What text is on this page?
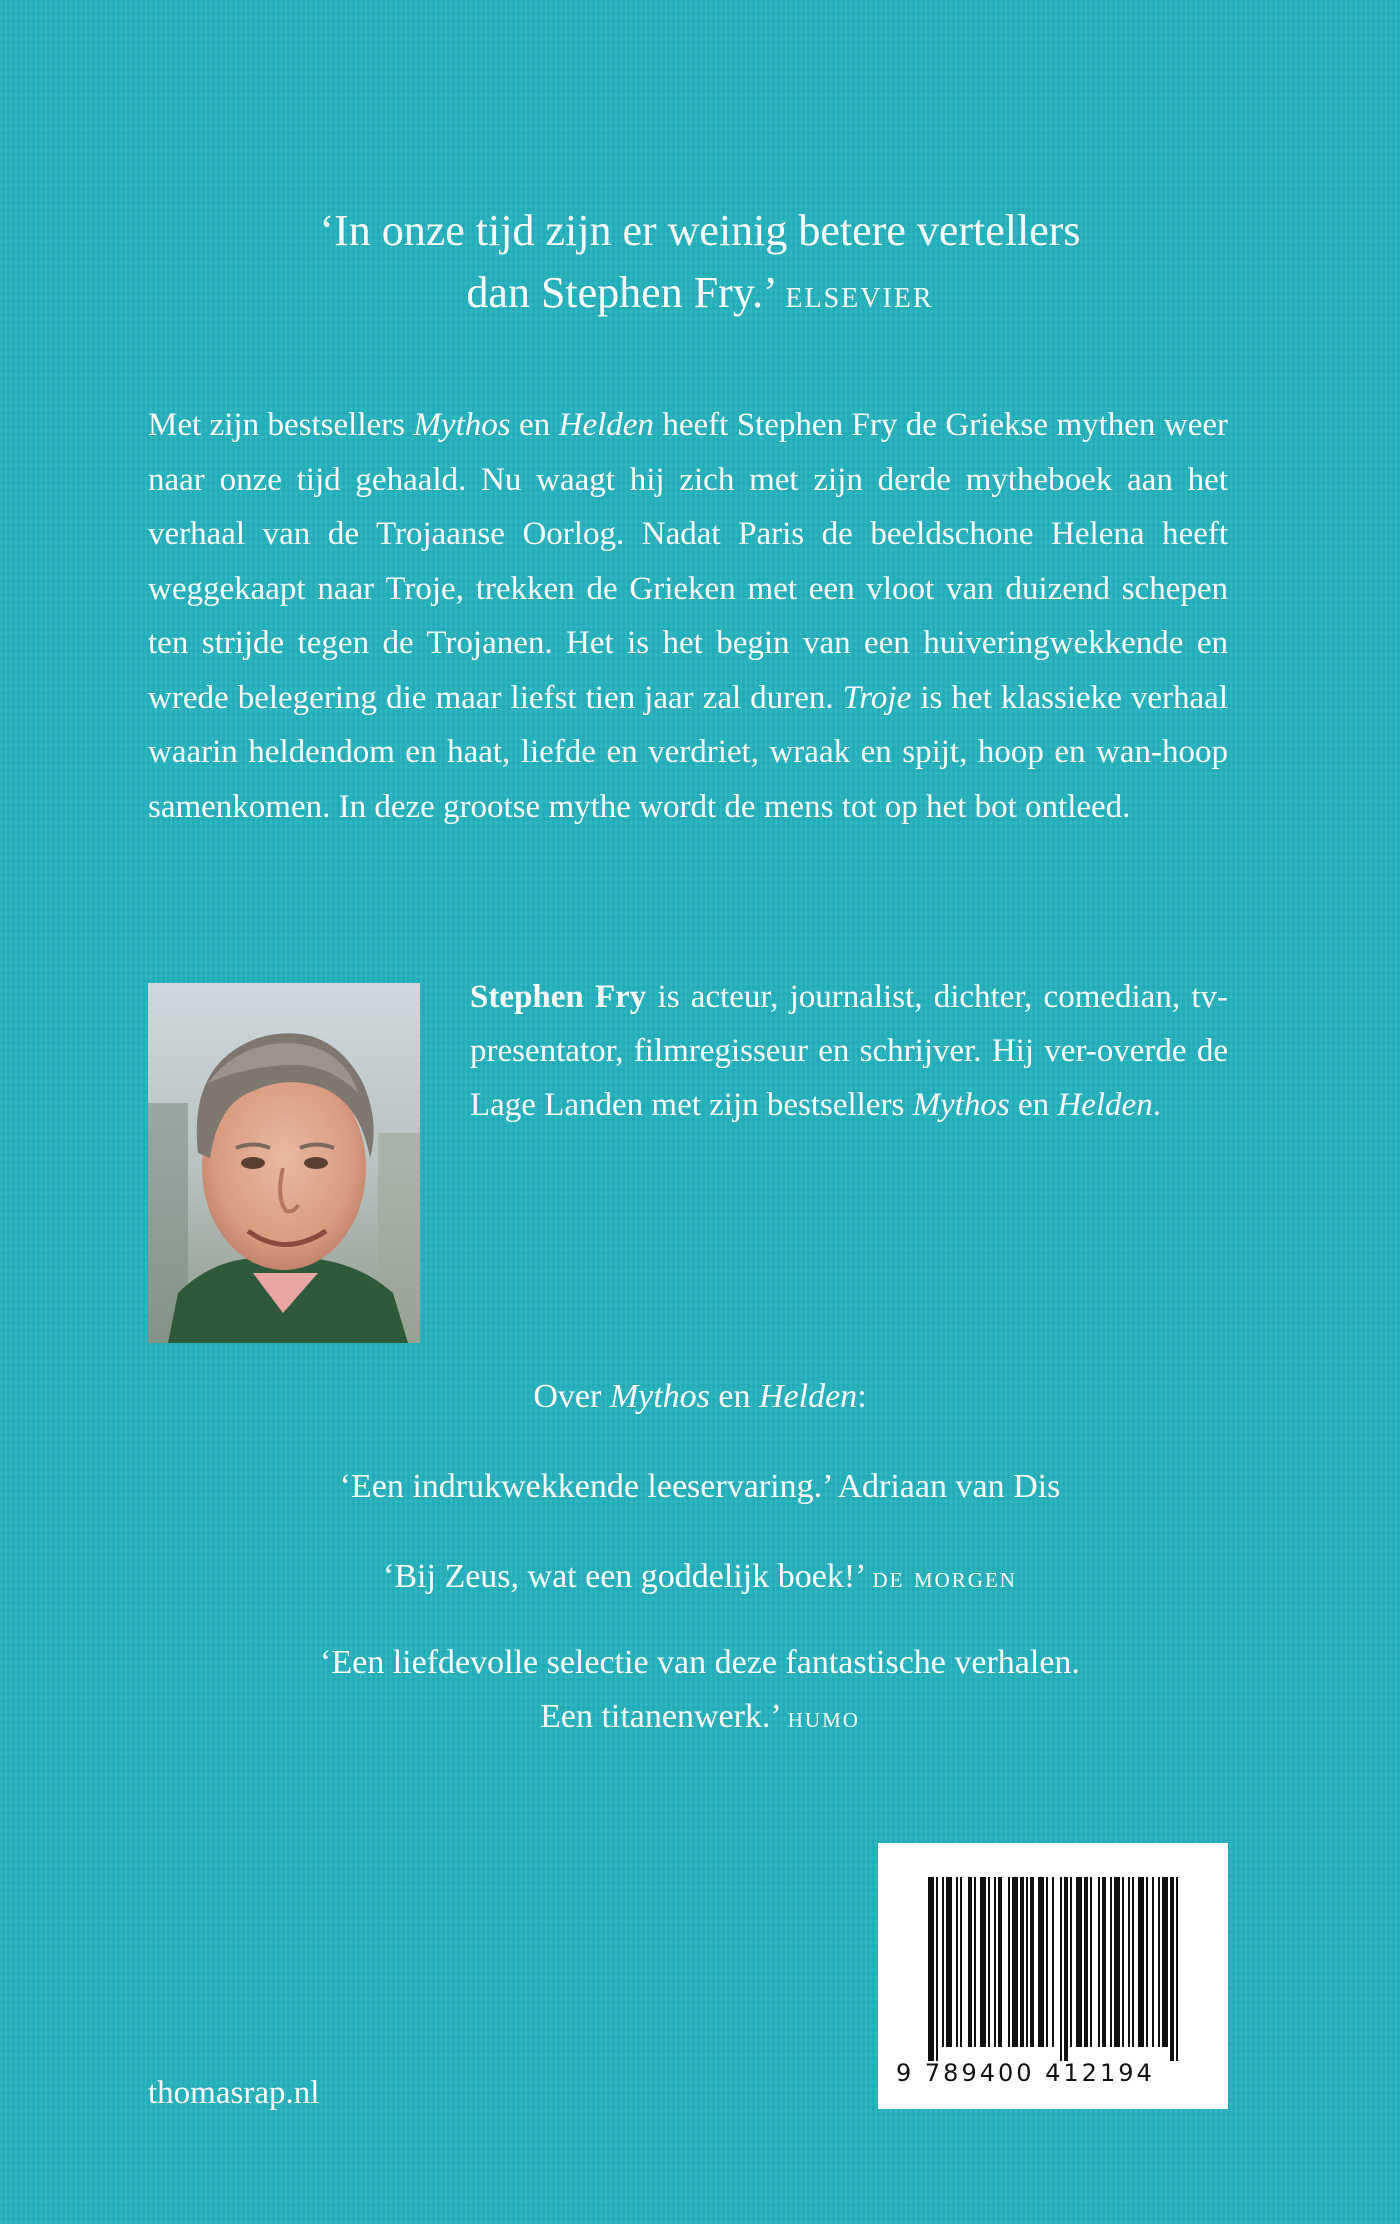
‘In onze tijd zijn er weinig betere vertellers
dan Stephen Fry.’ elsevier
Met zijn bestsellers Mythos en Helden heeft Stephen Fry de Griekse mythen weer naar onze tijd gehaald. Nu waagt hij zich met zijn derde mytheboek aan het verhaal van de Trojaanse Oorlog. Nadat Paris de beeldschone Helena heeft weggekaapt naar Troje, trekken de Grieken met een vloot van duizend schepen ten strijde tegen de Trojanen. Het is het begin van een huiveringwekkende en wrede belegering die maar liefst tien jaar zal duren. Troje is het klassieke verhaal waarin heldendom en haat, liefde en verdriet, wraak en spijt, hoop en wan-hoop samenkomen. In deze grootse mythe wordt de mens tot op het bot ontleed.
Stephen Fry is acteur, journalist, dichter, comedian, tv-presentator, filmregisseur en schrijver. Hij ver-overde de Lage Landen met zijn bestsellers Mythos en Helden.
Over Mythos en Helden:
‘Een indrukwekkende leeservaring.’ Adriaan van Dis
‘Bij Zeus, wat een goddelijk boek!’ de morgen
‘Een liefdevolle selectie van deze fantastische verhalen.
Een titanenwerk.’ humo
9 789400 412194
thomasrap.nl
